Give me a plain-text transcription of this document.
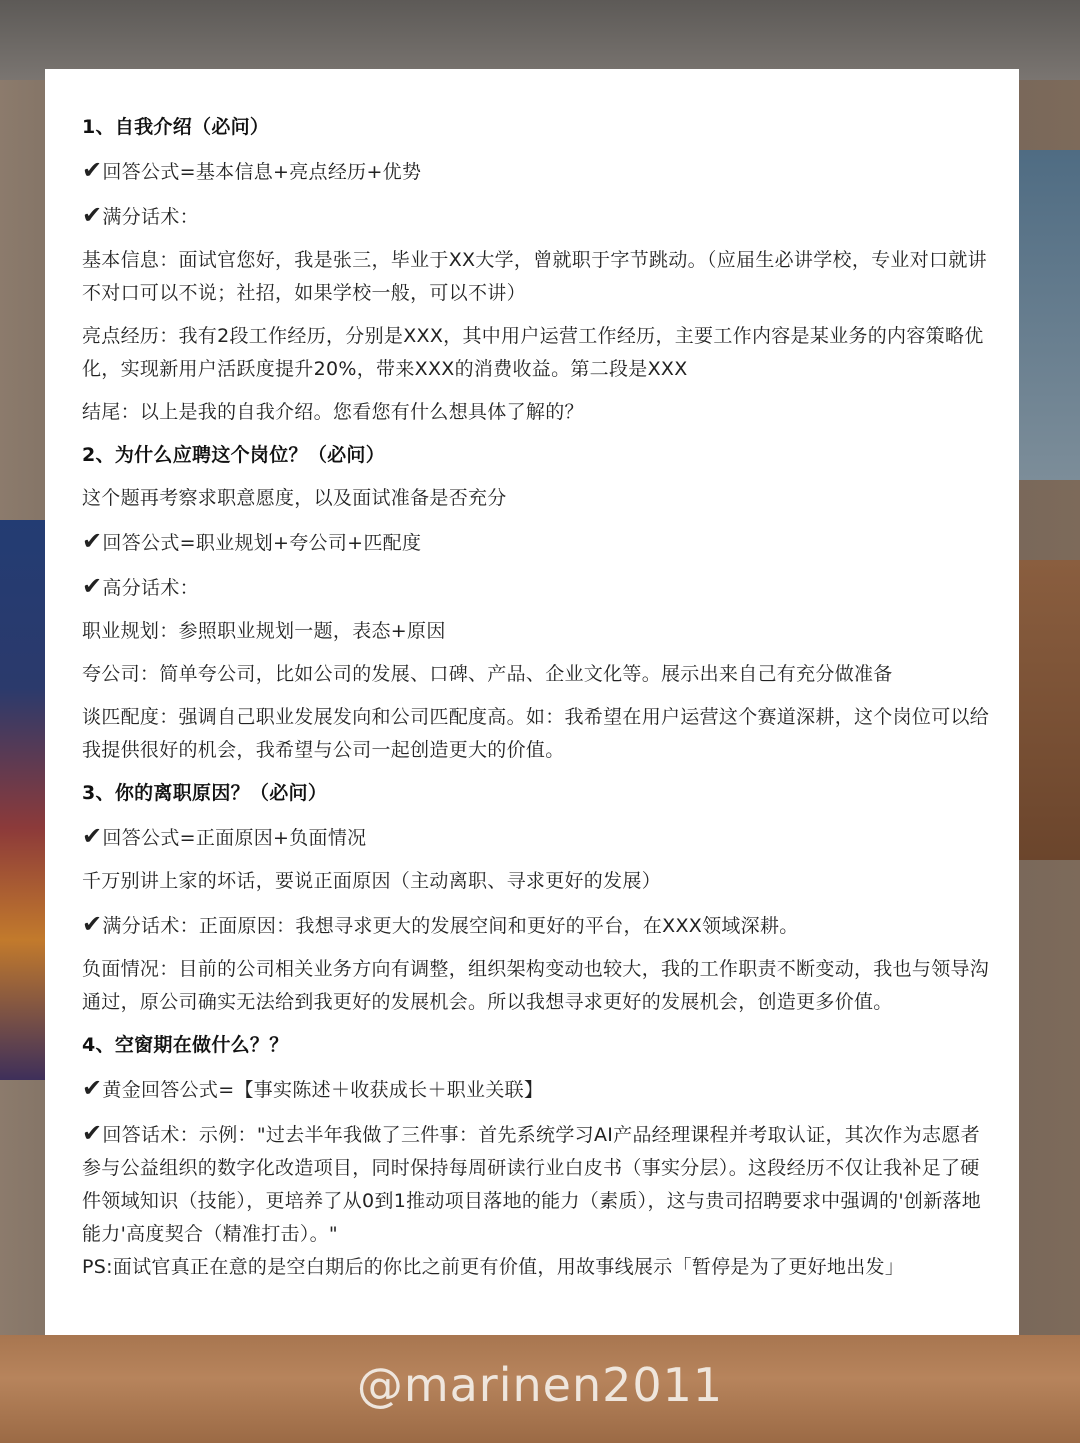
1、自我介绍（必问）
✔回答公式=基本信息+亮点经历+优势
✔满分话术：
基本信息：面试官您好，我是张三，毕业于XX大学，曾就职于字节跳动。（应届生必讲学校，专业对口就讲不对口可以不说；社招，如果学校一般，可以不讲）
亮点经历：我有2段工作经历，分别是XXX，其中用户运营工作经历，主要工作内容是某业务的内容策略优化，实现新用户活跃度提升20%，带来XXX的消费收益。第二段是XXX
结尾：以上是我的自我介绍。您看您有什么想具体了解的？
2、为什么应聘这个岗位？（必问）
这个题再考察求职意愿度，以及面试准备是否充分
✔回答公式=职业规划+夸公司+匹配度
✔高分话术：
职业规划：参照职业规划一题，表态+原因
夸公司：简单夸公司，比如公司的发展、口碑、产品、企业文化等。展示出来自己有充分做准备
谈匹配度：强调自己职业发展发向和公司匹配度高。如：我希望在用户运营这个赛道深耕，这个岗位可以给我提供很好的机会，我希望与公司一起创造更大的价值。
3、你的离职原因？（必问）
✔回答公式=正面原因+负面情况
千万别讲上家的坏话，要说正面原因（主动离职、寻求更好的发展）
✔满分话术：正面原因：我想寻求更大的发展空间和更好的平台，在XXX领域深耕。
负面情况：目前的公司相关业务方向有调整，组织架构变动也较大，我的工作职责不断变动，我也与领导沟通过，原公司确实无法给到我更好的发展机会。所以我想寻求更好的发展机会，创造更多价值。
4、空窗期在做什么？？
✔黄金回答公式=【事实陈述＋收获成长＋职业关联】
✔回答话术：示例："过去半年我做了三件事：首先系统学习AI产品经理课程并考取认证，其次作为志愿者参与公益组织的数字化改造项目，同时保持每周研读行业白皮书（事实分层）。这段经历不仅让我补足了硬件领域知识（技能），更培养了从0到1推动项目落地的能力（素质），这与贵司招聘要求中强调的'创新落地能力'高度契合（精准打击）。"
PS:面试官真正在意的是空白期后的你比之前更有价值，用故事线展示「暂停是为了更好地出发」
@marinen2011
